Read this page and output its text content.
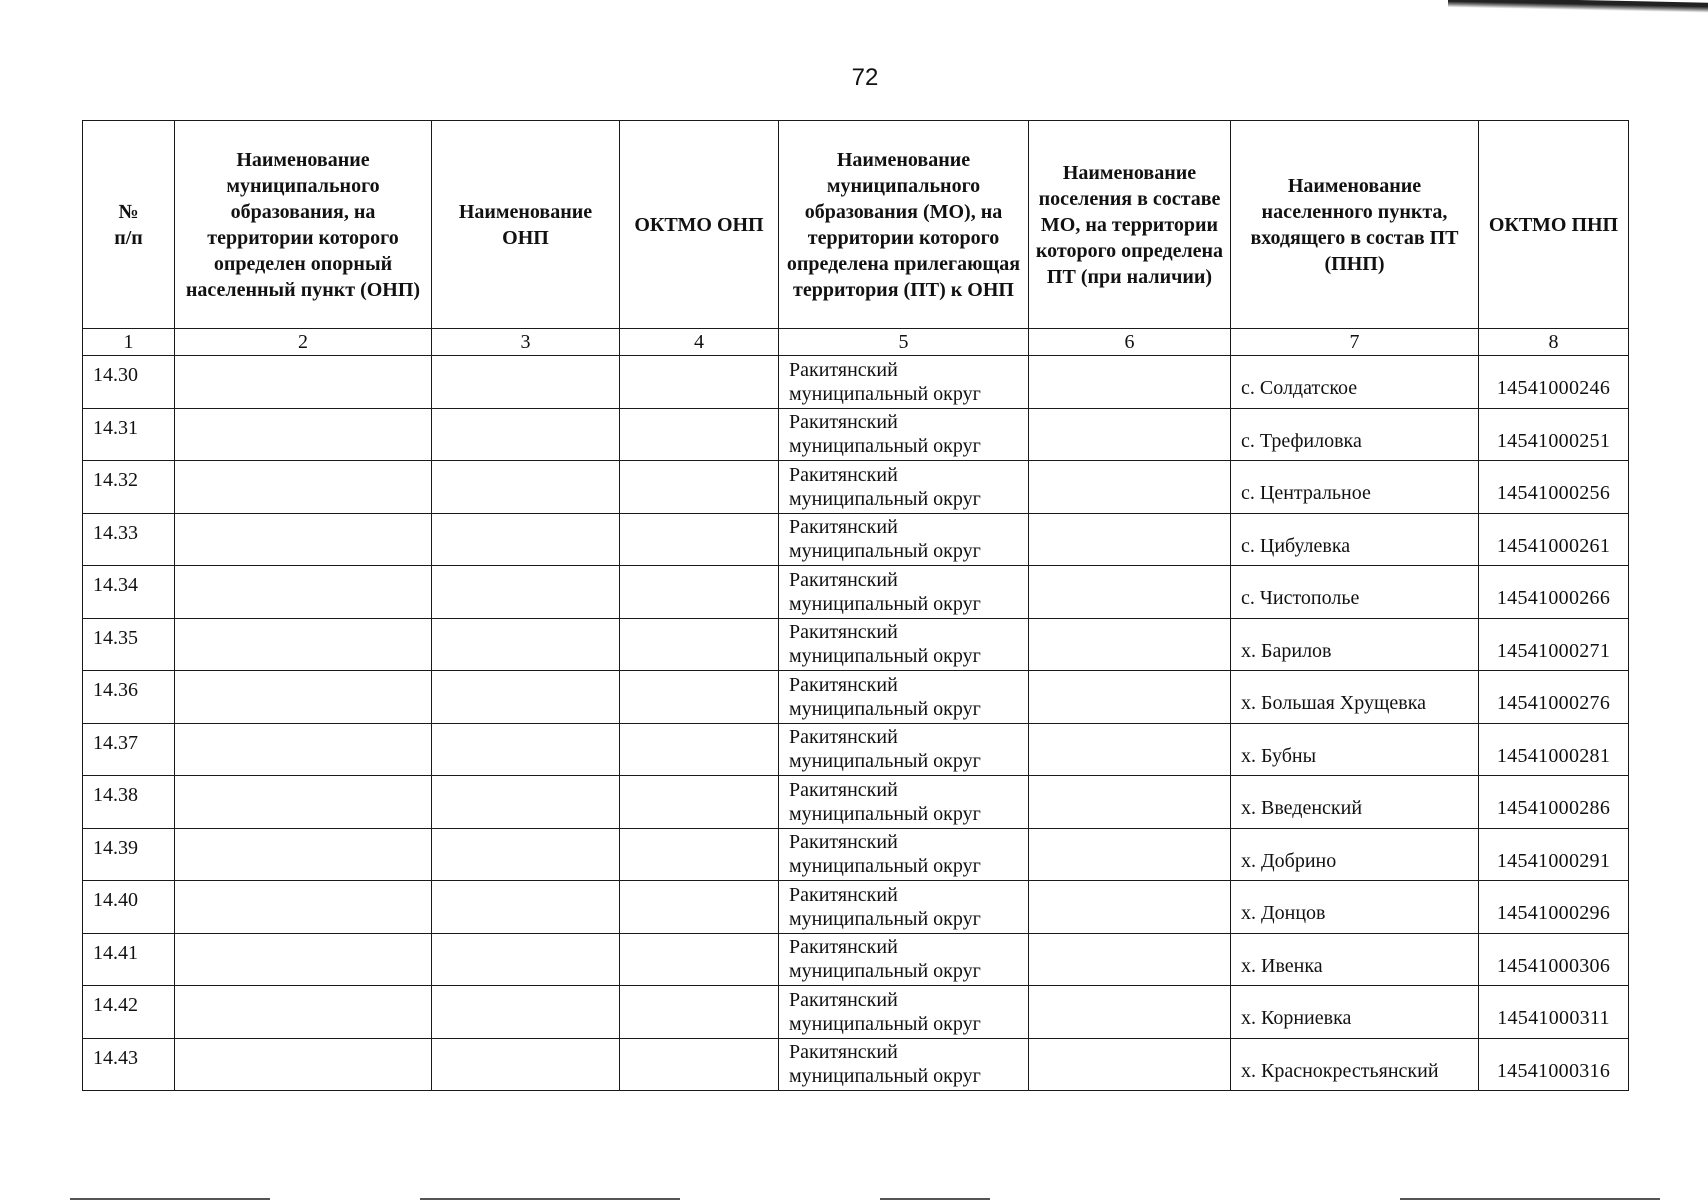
72
№
п/п	Наименование муниципального образования, на территории которого определен опорный населенный пункт (ОНП)	Наименование ОНП	ОКТМО ОНП	Наименование муниципального образования (МО), на территории которого определена прилегающая территория (ПТ) к ОНП	Наименование поселения в составе МО, на территории которого определена ПТ (при наличии)	Наименование населенного пункта, входящего в состав ПТ (ПНП)	ОКТМО ПНП
1	2	3	4	5	6	7	8
14.30				Ракитянский муниципальный округ		с. Солдатское	14541000246
14.31				Ракитянский муниципальный округ		с. Трефиловка	14541000251
14.32				Ракитянский муниципальный округ		с. Центральное	14541000256
14.33				Ракитянский муниципальный округ		с. Цибулевка	14541000261
14.34				Ракитянский муниципальный округ		с. Чистополье	14541000266
14.35				Ракитянский муниципальный округ		х. Барилов	14541000271
14.36				Ракитянский муниципальный округ		х. Большая Хрущевка	14541000276
14.37				Ракитянский муниципальный округ		х. Бубны	14541000281
14.38				Ракитянский муниципальный округ		х. Введенский	14541000286
14.39				Ракитянский муниципальный округ		х. Добрино	14541000291
14.40				Ракитянский муниципальный округ		х. Донцов	14541000296
14.41				Ракитянский муниципальный округ		х. Ивенка	14541000306
14.42				Ракитянский муниципальный округ		х. Корниевка	14541000311
14.43				Ракитянский муниципальный округ		х. Краснокрестьянский	14541000316
